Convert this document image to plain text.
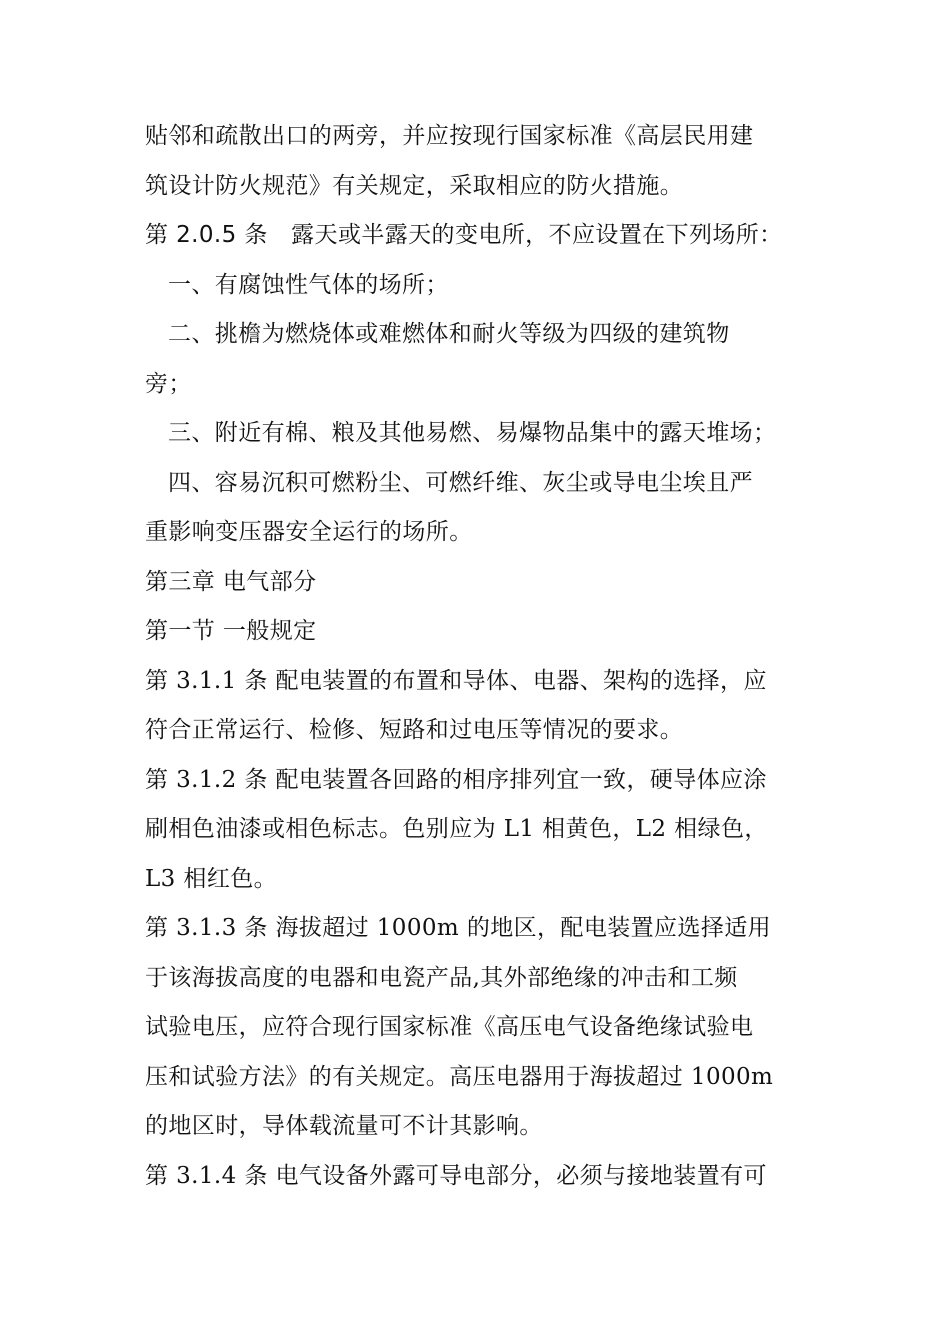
贴邻和疏散出口的两旁，并应按现行国家标准《高层民用建
筑设计防火规范》有关规定，采取相应的防火措施。
第 2.0.5 条　露天或半露天的变电所，不应设置在下列场所：
一、有腐蚀性气体的场所；
二、挑檐为燃烧体或难燃体和耐火等级为四级的建筑物
旁；
三、附近有棉、粮及其他易燃、易爆物品集中的露天堆场；
四、容易沉积可燃粉尘、可燃纤维、灰尘或导电尘埃且严
重影响变压器安全运行的场所。
第三章 电气部分
第一节 一般规定
第 3.1.1 条 配电装置的布置和导体、电器、架构的选择，应
符合正常运行、检修、短路和过电压等情况的要求。
第 3.1.2 条 配电装置各回路的相序排列宜一致，硬导体应涂
刷相色油漆或相色标志。色别应为 L1 相黄色，L2 相绿色，
L3 相红色。
第 3.1.3 条 海拔超过 1000m 的地区，配电装置应选择适用
于该海拔高度的电器和电瓷产品,其外部绝缘的冲击和工频
试验电压，应符合现行国家标准《高压电气设备绝缘试验电
压和试验方法》的有关规定。高压电器用于海拔超过 1000m
的地区时，导体载流量可不计其影响。
第 3.1.4 条 电气设备外露可导电部分，必须与接地装置有可
